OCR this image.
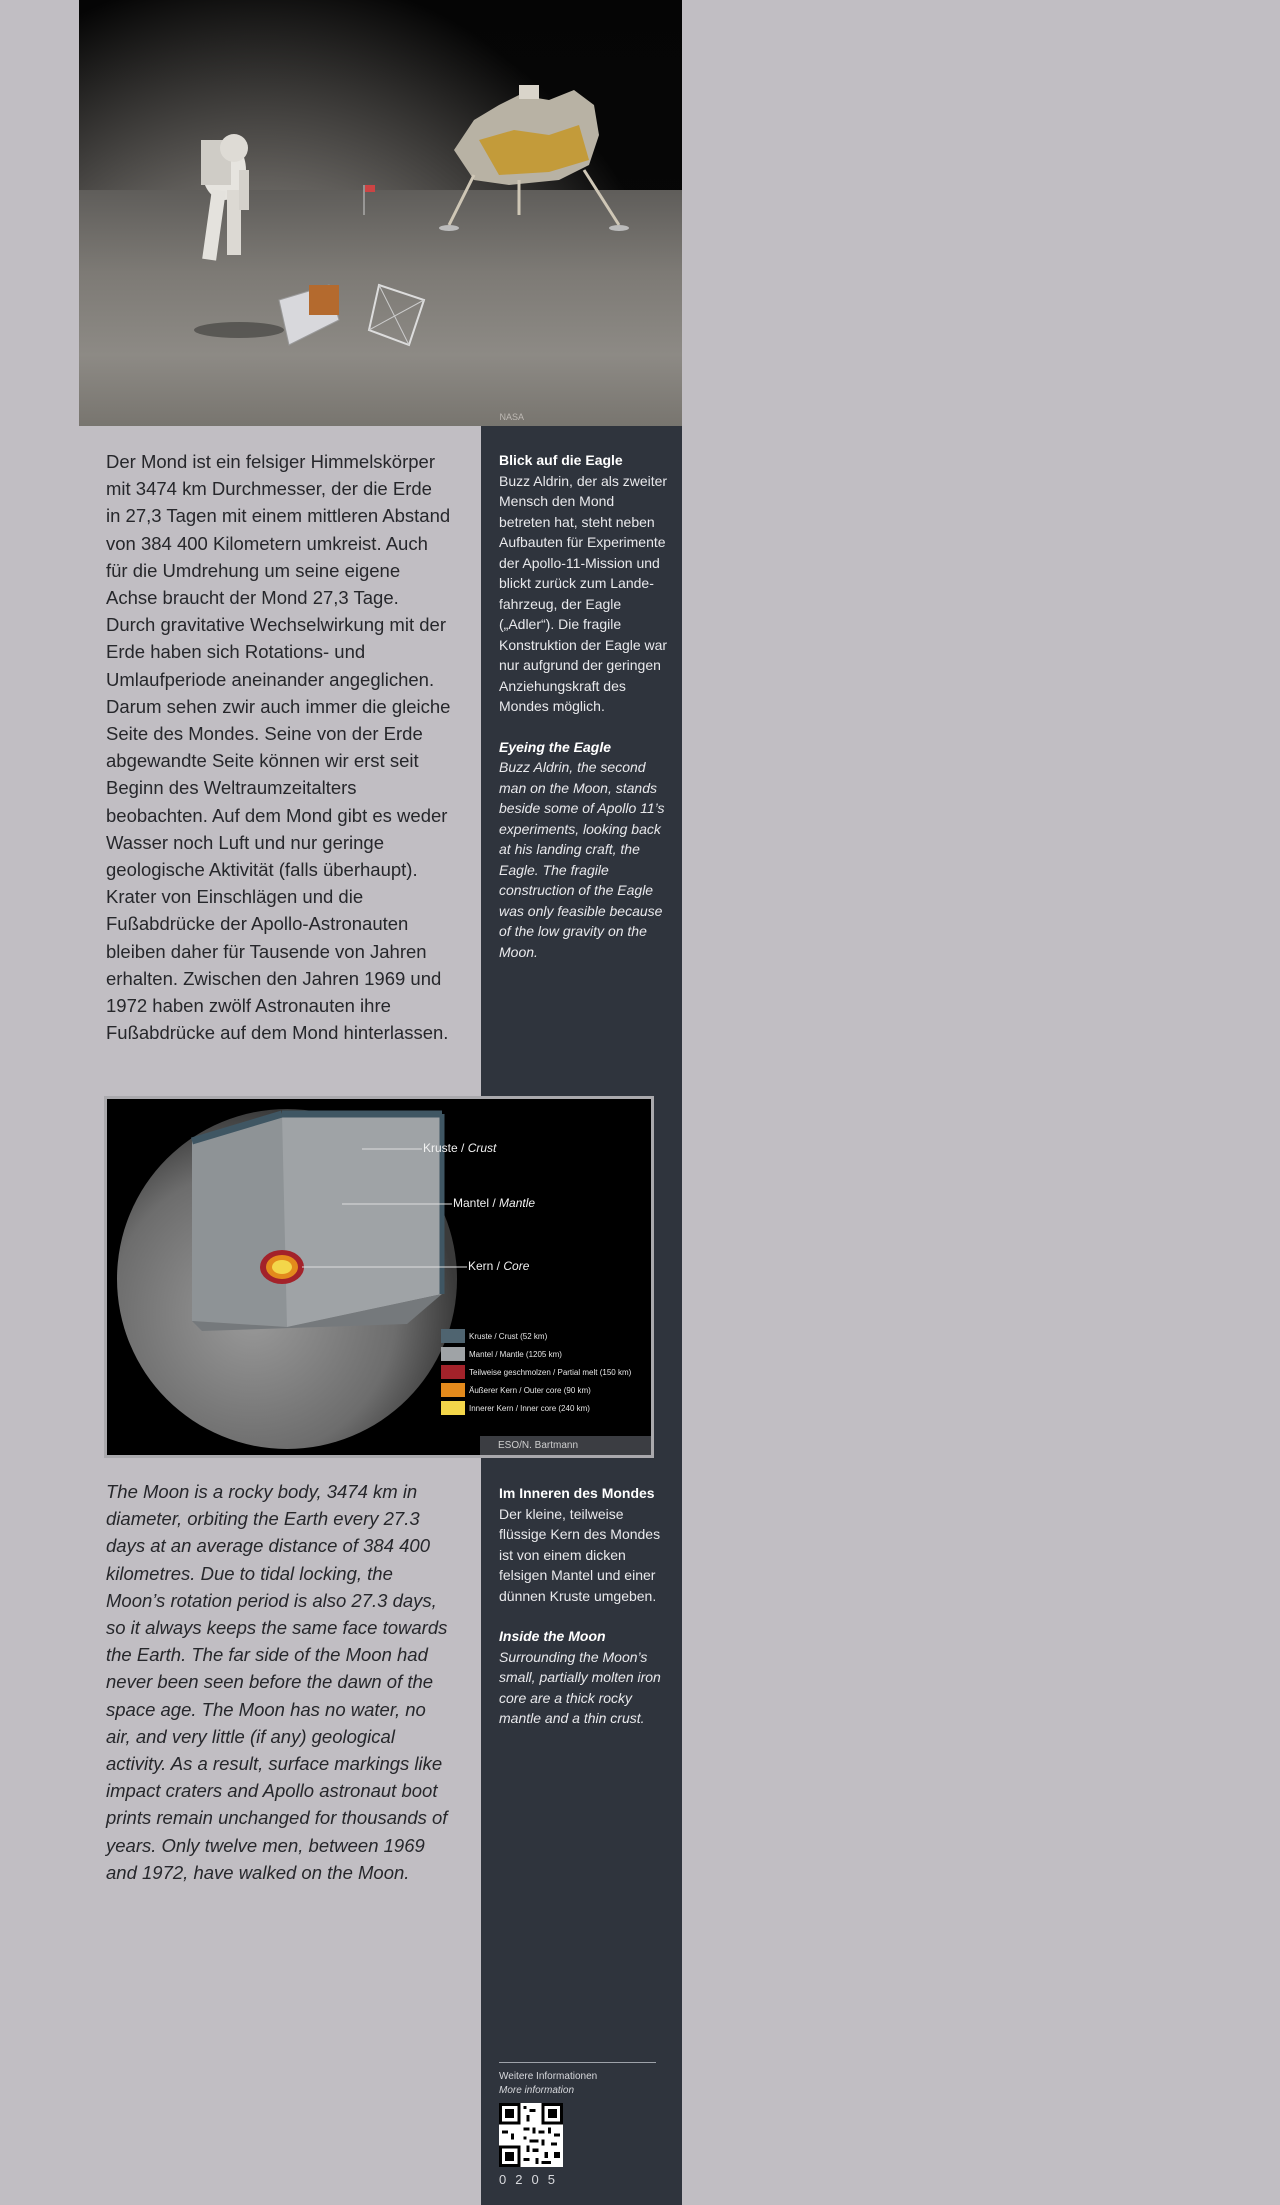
NASA
Blick auf die Eagle
Buzz Aldrin, der als zweiter Mensch den Mond betreten hat, steht neben Aufbauten für Experimente der Apollo-11-Mission und blickt zurück zum Landefahrzeug, der Eagle („Adler“). Die fragile Konstruktion der Eagle war nur aufgrund der geringen Anziehungskraft des Mondes möglich.
Eyeing the Eagle
Buzz Aldrin, the second man on the Moon, stands beside some of Apollo 11’s experiments, looking back at his landing craft, the Eagle. The fragile construction of the Eagle was only feasible because of the low gravity on the Moon.
Der Mond ist ein felsiger Himmelskörper mit 3474 km Durchmesser, der die Erde in 27,3 Tagen mit einem mittleren Abstand von 384 400 Kilometern umkreist. Auch für die Umdrehung um seine eigene Achse braucht der Mond 27,3 Tage. Durch gravitative Wechselwirkung mit der Erde haben sich Rotations- und Umlaufperiode aneinander angeglichen. Darum sehen zwir auch immer die gleiche Seite des Mondes. Seine von der Erde abgewandte Seite können wir erst seit Beginn des Weltraumzeitalters beobachten. Auf dem Mond gibt es weder Wasser noch Luft und nur geringe geologische Aktivität (falls überhaupt). Krater von Einschlägen und die Fußabdrücke der Apollo-Astronauten bleiben daher für Tausende von Jahren erhalten. Zwischen den Jahren 1969 und 1972 haben zwölf Astronauten ihre Fußabdrücke auf dem Mond hinterlassen.
Kruste / Crust
Mantel / Mantle
Kern / Core
Kruste / Crust (52 km)
Mantel / Mantle (1205 km)
Teilweise geschmolzen / Partial melt (150 km)
Äußerer Kern / Outer core (90 km)
Innerer Kern / Inner core (240 km)
ESO/N. Bartmann
The Moon is a rocky body, 3474 km in diameter, orbiting the Earth every 27.3 days at an average distance of 384 400 kilometres. Due to tidal locking, the Moon’s rotation period is also 27.3 days, so it always keeps the same face towards the Earth. The far side of the Moon had never been seen before the dawn of the space age. The Moon has no water, no air, and very little (if any) geological activity. As a result, surface markings like impact craters and Apollo astronaut boot prints remain unchanged for thousands of years. Only twelve men, between 1969 and 1972, have walked on the Moon.
Im Inneren des Mondes
Der kleine, teilweise flüssige Kern des Mondes ist von einem dicken felsigen Mantel und einer dünnen Kruste umgeben.
Inside the Moon
Surrounding the Moon’s small, partially molten iron core are a thick rocky mantle and a thin crust.
Weitere Informationen
More information
0205
